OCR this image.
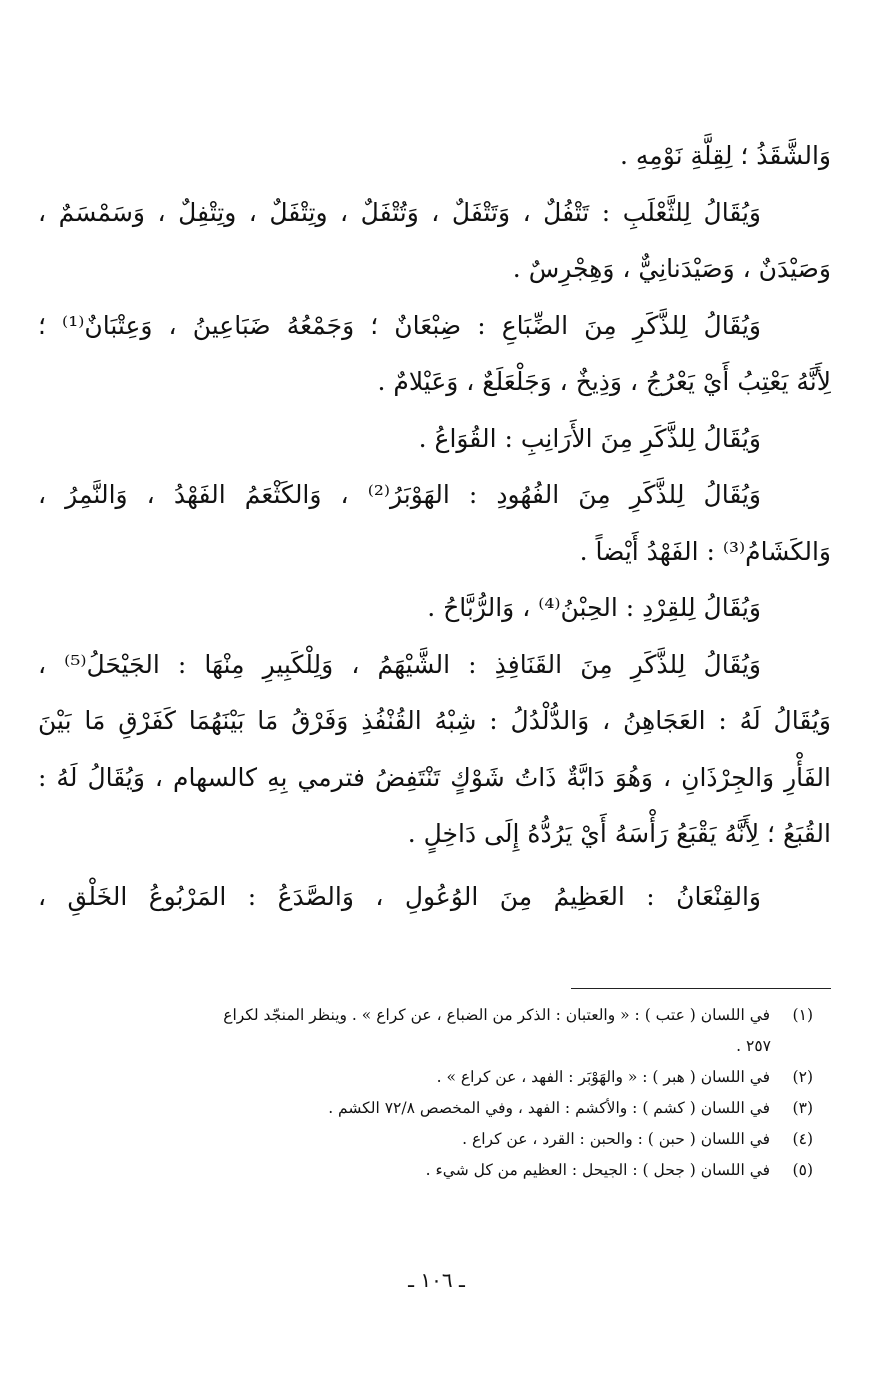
وَالشَّقَذُ ؛ لِقِلَّةِ نَوْمِهِ .
وَيُقَالُ لِلثَّعْلَبِ : تَتْفُلٌ ، وَتَتْفَلٌ ، وَتُتْفَلٌ ، وتِتْفَلٌ ، وتِتْفِلٌ ، وَسَمْسَمٌ ،
وَصَيْدَنٌ ، وَصَيْدَنانِيٌّ ، وَهِجْرِسٌ .
وَيُقَالُ لِلذَّكَرِ مِنَ الضِّبَاعِ : ضِبْعَانٌ ؛ وَجَمْعُهُ ضَبَاعِينُ ، وَعِتْبَانٌ⁽¹⁾ ؛
لِأَنَّهُ يَعْتِبُ أَيْ يَعْرُجُ ، وَذِيخٌ ، وَجَلْعَلَعٌ ، وَعَيْلامٌ .
وَيُقَالُ لِلذَّكَرِ مِنَ الأَرَانِبِ : القُوَاعُ .
وَيُقَالُ لِلذَّكَرِ مِنَ الفُهُودِ : الهَوْبَرُ⁽²⁾ ، وَالكَثْعَمُ الفَهْدُ ، وَالنَّمِرُ ،
وَالكَشَامُ⁽³⁾ : الفَهْدُ أَيْضاً .
وَيُقَالُ لِلقِرْدِ : الحِبْنُ⁽⁴⁾ ، وَالرُّبَّاحُ .
وَيُقَالُ لِلذَّكَرِ مِنَ القَنَافِذِ : الشَّيْهَمُ ، وَلِلْكَبِيرِ مِنْهَا : الجَيْحَلُ⁽⁵⁾ ،
وَيُقَالُ لَهُ : العَجَاهِنُ ، وَالدُّلْدُلُ : شِبْهُ القُنْفُذِ وَفَرْقُ مَا بَيْنَهُمَا كَفَرْقِ مَا بَيْنَ
الفَأْرِ وَالجِرْذَانِ ، وَهُوَ دَابَّةٌ ذَاتُ شَوْكٍ تَنْتَفِضُ فترمي بِهِ كالسهام ، وَيُقَالُ لَهُ :
القُبَعُ ؛ لِأَنَّهُ يَقْبَعُ رَأْسَهُ أَيْ يَرُدُّهُ إِلَى دَاخِلٍ .
وَالقِنْعَانُ : العَظِيمُ مِنَ الوُعُولِ ، وَالصَّدَعُ : المَرْبُوعُ الخَلْقِ ،
(١) في اللسان ( عتب ) : « والعتبان : الذكر من الضباع ، عن كراع » . وينظر المنجّد لكراع
٢٥٧ .
(٢) في اللسان ( هبر ) : « والهَوْبَر : الفهد ، عن كراع » .
(٣) في اللسان ( كشم ) : والأكشم : الفهد ، وفي المخصص ٧٢/٨ الكشم .
(٤) في اللسان ( حبن ) : والحبن : القرد ، عن كراع .
(٥) في اللسان ( جحل ) : الجيحل : العظيم من كل شيء .
ـ ١٠٦ ـ
